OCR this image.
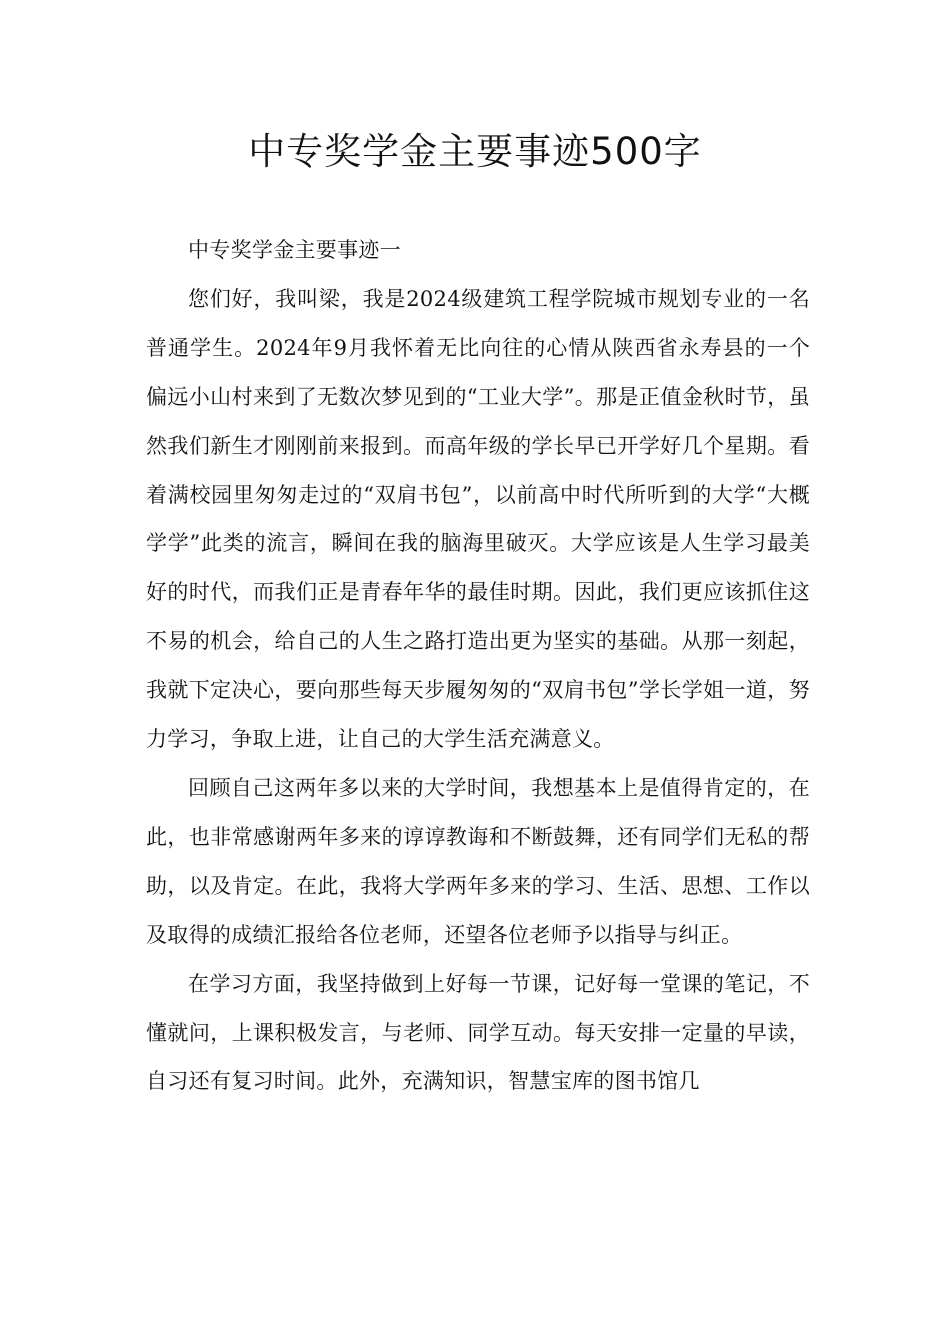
中专奖学金主要事迹500字

中专奖学金主要事迹一

您们好，我叫梁，我是2024级建筑工程学院城市规划专业的一名普通学生。2024年9月我怀着无比向往的心情从陕西省永寿县的一个偏远小山村来到了无数次梦见到的“工业大学”。那是正值金秋时节，虽然我们新生才刚刚前来报到。而高年级的学长早已开学好几个星期。看着满校园里匆匆走过的“双肩书包”，以前高中时代所听到的大学“大概学学”此类的流言，瞬间在我的脑海里破灭。大学应该是人生学习最美好的时代，而我们正是青春年华的最佳时期。因此，我们更应该抓住这不易的机会，给自己的人生之路打造出更为坚实的基础。从那一刻起，我就下定决心，要向那些每天步履匆匆的“双肩书包”学长学姐一道，努力学习，争取上进，让自己的大学生活充满意义。

回顾自己这两年多以来的大学时间，我想基本上是值得肯定的，在此，也非常感谢两年多来的谆谆教诲和不断鼓舞，还有同学们无私的帮助，以及肯定。在此，我将大学两年多来的学习、生活、思想、工作以及取得的成绩汇报给各位老师，还望各位老师予以指导与纠正。

在学习方面，我坚持做到上好每一节课，记好每一堂课的笔记，不懂就问，上课积极发言，与老师、同学互动。每天安排一定量的早读，自习还有复习时间。此外，充满知识，智慧宝库的图书馆几
